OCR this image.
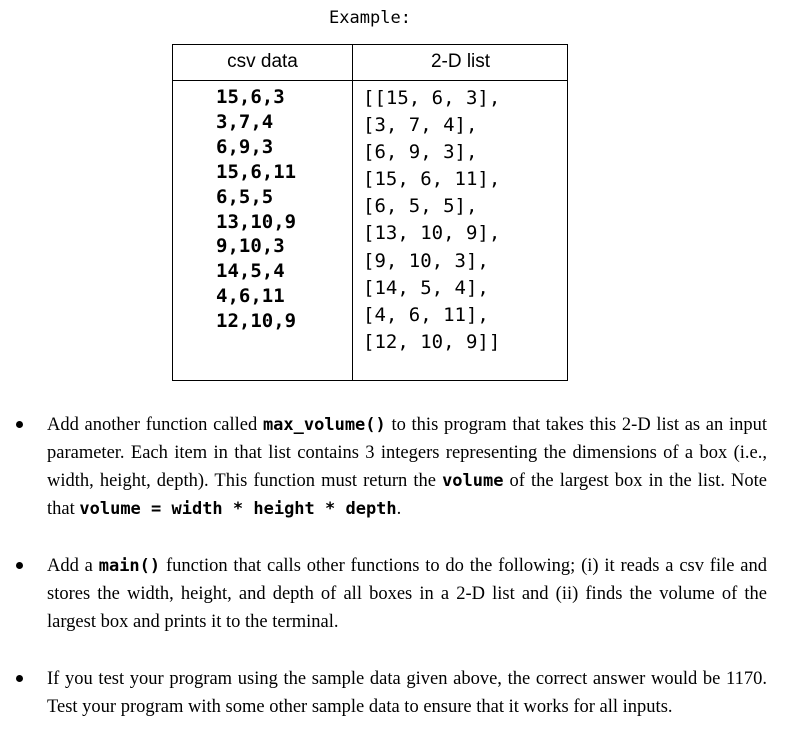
Example:
csv data	2-D list
15,6,3
3,7,4
6,9,3
15,6,11
6,5,5
13,10,9
9,10,3
14,5,4
4,6,11
12,10,9
[[15, 6, 3],
[3, 7, 4],
[6, 9, 3],
[15, 6, 11],
[6, 5, 5],
[13, 10, 9],
[9, 10, 3],
[14, 5, 4],
[4, 6, 11],
[12, 10, 9]]

Add another function called max_volume() to this program that takes this 2-D list as an input parameter. Each item in that list contains 3 integers representing the dimensions of a box (i.e., width, height, depth). This function must return the volume of the largest box in the list. Note that volume = width * height * depth.

Add a main() function that calls other functions to do the following; (i) it reads a csv file and stores the width, height, and depth of all boxes in a 2-D list and (ii) finds the volume of the largest box and prints it to the terminal.

If you test your program using the sample data given above, the correct answer would be 1170. Test your program with some other sample data to ensure that it works for all inputs.
